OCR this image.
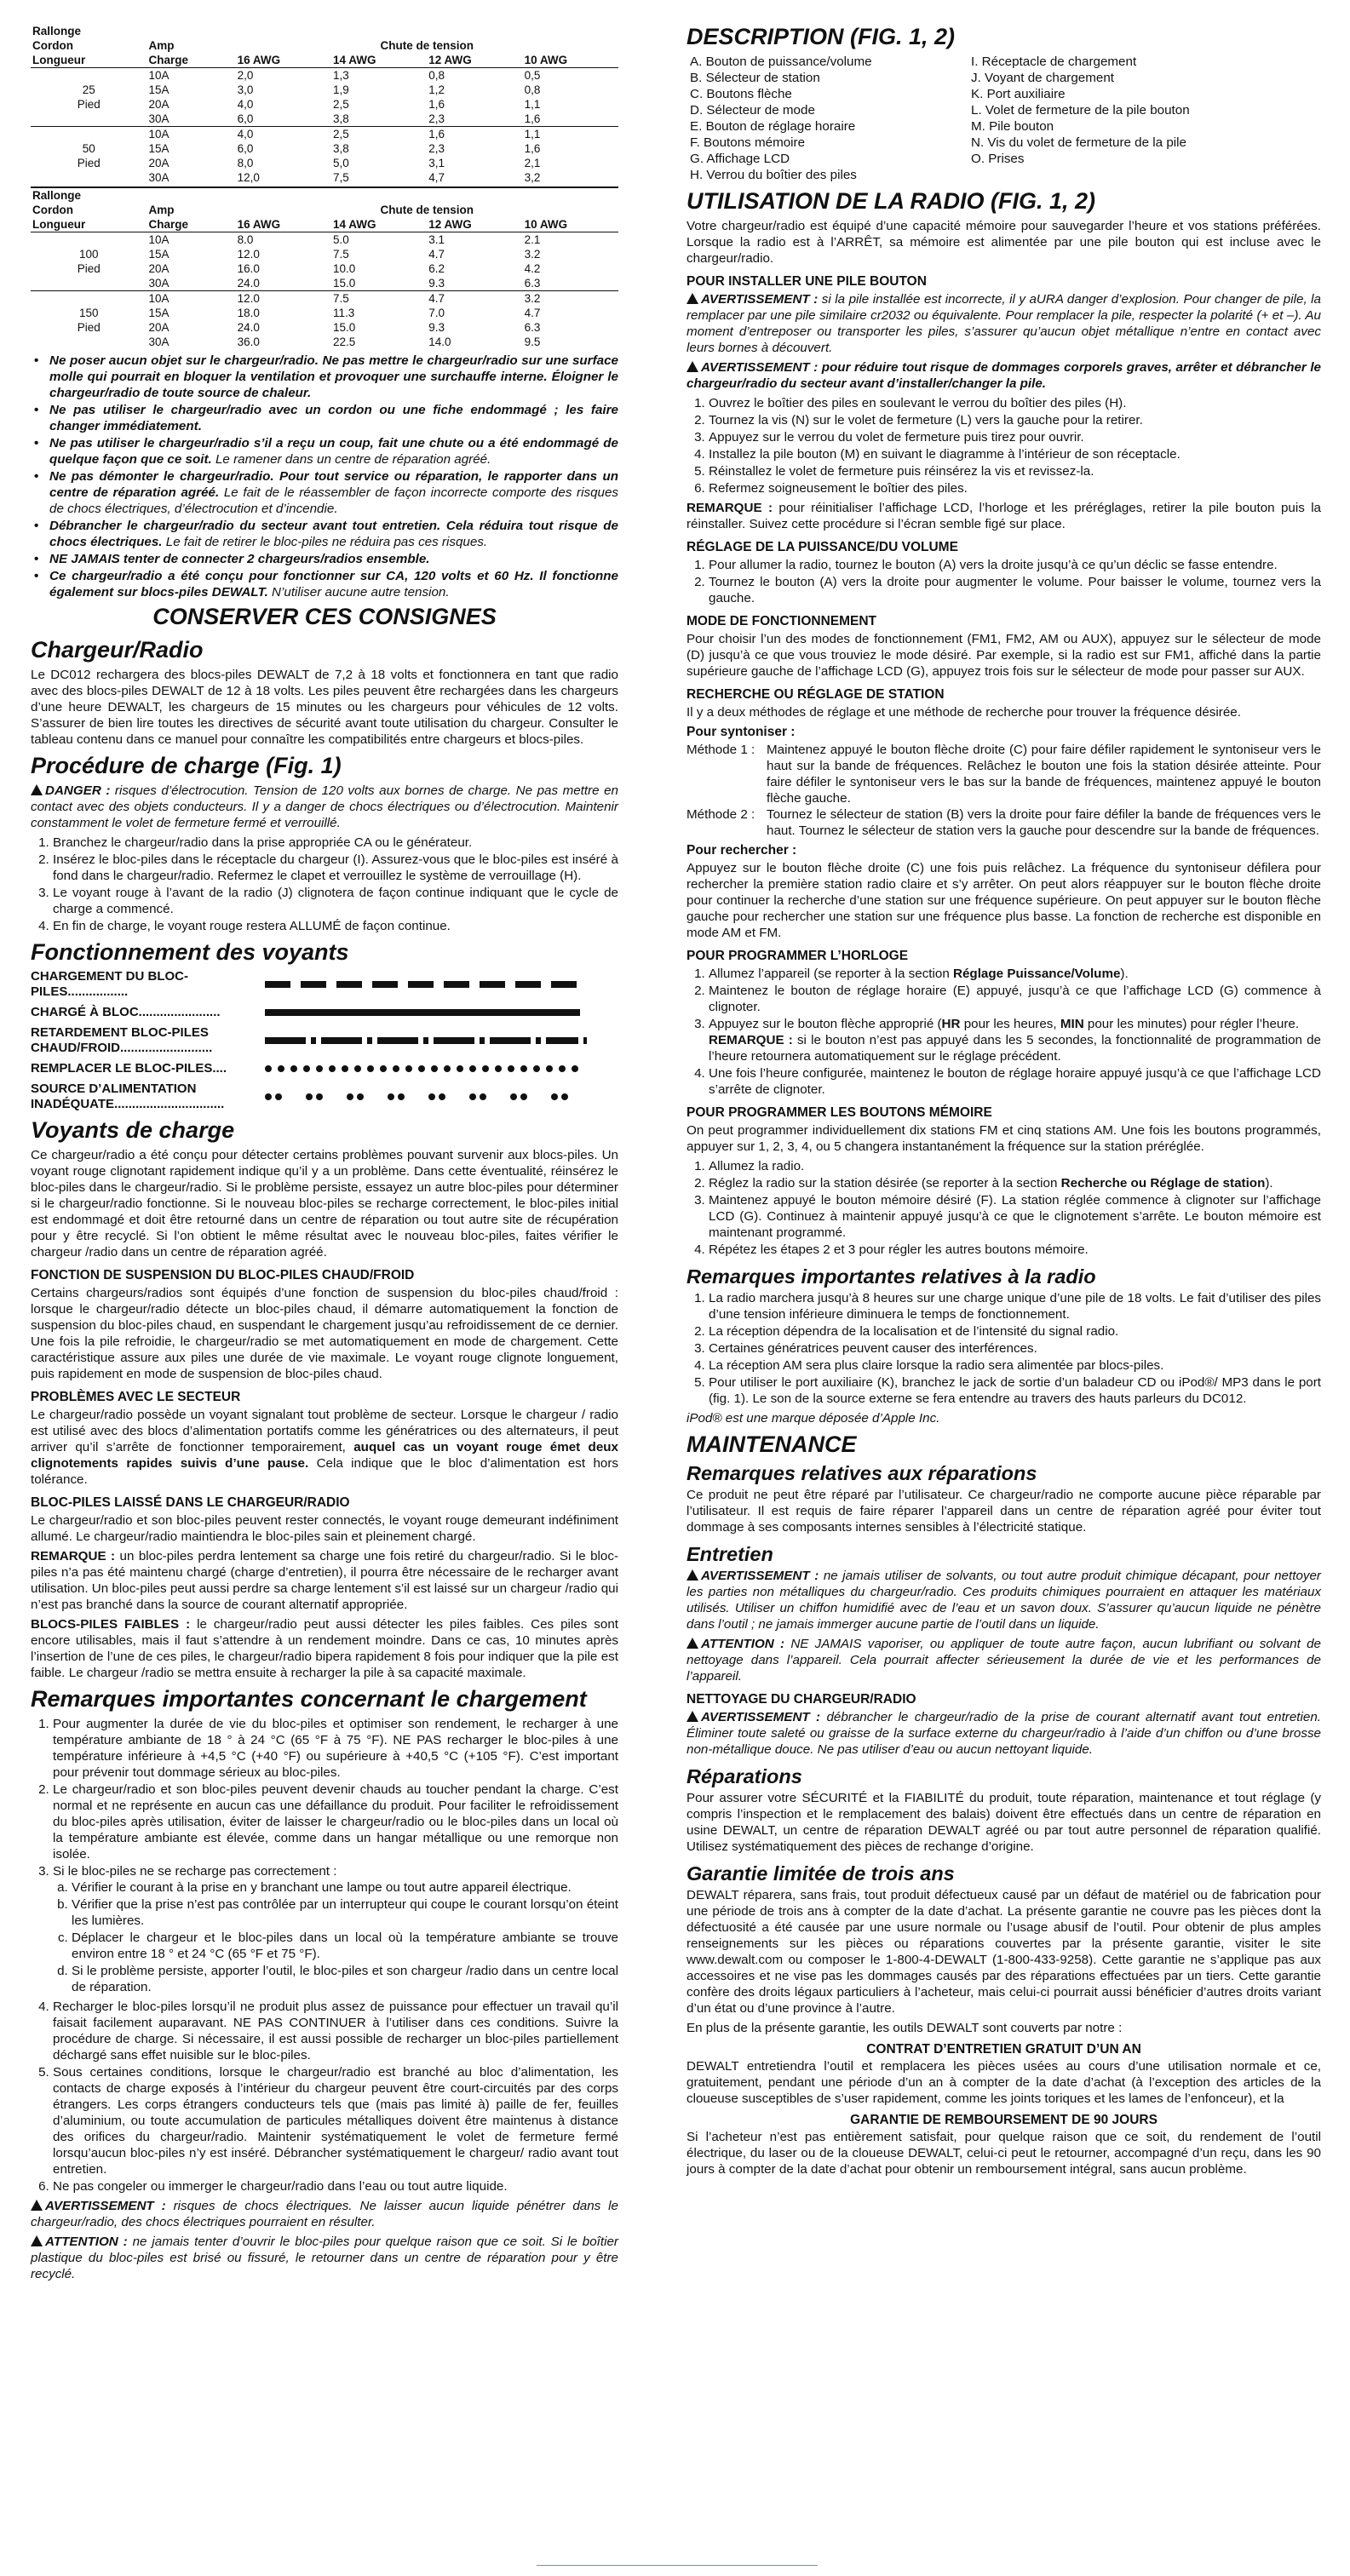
Rallonge					
Cordon	Amp	Chute de tension			
Longueur	Charge	16 AWG	14 AWG	12 AWG	10 AWG
	10A	2,0	1,3	0,8	0,5
25	15A	3,0	1,9	1,2	0,8
Pied	20A	4,0	2,5	1,6	1,1
	30A	6,0	3,8	2,3	1,6
	10A	4,0	2,5	1,6	1,1
50	15A	6,0	3,8	2,3	1,6
Pied	20A	8,0	5,0	3,1	2,1
	30A	12,0	7,5	4,7	3,2
Rallonge					
Cordon	Amp	Chute de tension			
Longueur	Charge	16 AWG	14 AWG	12 AWG	10 AWG
	10A	8.0	5.0	3.1	2.1
100	15A	12.0	7.5	4.7	3.2
Pied	20A	16.0	10.0	6.2	4.2
	30A	24.0	15.0	9.3	6.3
	10A	12.0	7.5	4.7	3.2
150	15A	18.0	11.3	7.0	4.7
Pied	20A	24.0	15.0	9.3	6.3
	30A	36.0	22.5	14.0	9.5
• Ne poser aucun objet sur le chargeur/radio. Ne pas mettre le chargeur/radio sur une surface molle qui pourrait en bloquer la ventilation et provoquer une surchauffe interne. Éloigner le chargeur/radio de toute source de chaleur.
• Ne pas utiliser le chargeur/radio avec un cordon ou une fiche endommagé ; les faire changer immédiatement.
• Ne pas utiliser le chargeur/radio s’il a reçu un coup, fait une chute ou a été endommagé de quelque façon que ce soit. Le ramener dans un centre de réparation agréé.
• Ne pas démonter le chargeur/radio. Pour tout service ou réparation, le rapporter dans un centre de réparation agréé. Le fait de le réassembler de façon incorrecte comporte des risques de chocs électriques, d’électrocution et d’incendie.
• Débrancher le chargeur/radio du secteur avant tout entretien. Cela réduira tout risque de chocs électriques. Le fait de retirer le bloc-piles ne réduira pas ces risques.
• NE JAMAIS tenter de connecter 2 chargeurs/radios ensemble.
• Ce chargeur/radio a été conçu pour fonctionner sur CA, 120 volts et 60 Hz. Il fonctionne également sur blocs-piles DEWALT. N’utiliser aucune autre tension.
CONSERVER CES CONSIGNES
Chargeur/Radio

Le DC012 rechargera des blocs-piles DEWALT de 7,2 à 18 volts et fonctionnera en tant que radio avec des blocs-piles DEWALT de 12 à 18 volts. Les piles peuvent être rechargées dans les chargeurs d’une heure DEWALT, les chargeurs de 15 minutes ou les chargeurs pour véhicules de 12 volts. S’assurer de bien lire toutes les directives de sécurité avant toute utilisation du chargeur. Consulter le tableau contenu dans ce manuel pour connaître les compatibilités entre chargeurs et blocs-piles.

Procédure de charge (Fig. 1)
DANGER : risques d’électrocution. Tension de 120 volts aux bornes de charge. Ne pas mettre en contact avec des objets conducteurs. Il y a danger de chocs électriques ou d’électrocution. Maintenir constamment le volet de fermeture fermé et verrouillé.
1. Branchez le chargeur/radio dans la prise appropriée CA ou le générateur.
2. Insérez le bloc-piles dans le réceptacle du chargeur (I). Assurez-vous que le bloc-piles est inséré à fond dans le chargeur/radio. Refermez le clapet et verrouillez le système de verrouillage (H).
3. Le voyant rouge à l’avant de la radio (J) clignotera de façon continue indiquant que le cycle de charge a commencé.
4. En fin de charge, le voyant rouge restera ALLUMÉ de façon continue.
Fonctionnement des voyants
CHARGEMENT DU BLOC-PILES.................
CHARGÉ À BLOC.......................
RETARDEMENT BLOC-PILES CHAUD/FROID..........................
REMPLACER LE BLOC-PILES....
SOURCE D’ALIMENTATION INADÉQUATE...............................
Voyants de charge

Ce chargeur/radio a été conçu pour détecter certains problèmes pouvant survenir aux blocs-piles. Un voyant rouge clignotant rapidement indique qu’il y a un problème. Dans cette éventualité, réinsérez le bloc-piles dans le chargeur/radio. Si le problème persiste, essayez un autre bloc-piles pour déterminer si le chargeur/radio fonctionne. Si le nouveau bloc-piles se recharge correctement, le bloc-piles initial est endommagé et doit être retourné dans un centre de réparation ou tout autre site de récupération pour y être recyclé. Si l’on obtient le même résultat avec le nouveau bloc-piles, faites vérifier le chargeur /radio dans un centre de réparation agréé.

FONCTION DE SUSPENSION DU BLOC-PILES CHAUD/FROID

Certains chargeurs/radios sont équipés d’une fonction de suspension du bloc-piles chaud/froid : lorsque le chargeur/radio détecte un bloc-piles chaud, il démarre automatiquement la fonction de suspension du bloc-piles chaud, en suspendant le chargement jusqu’au refroidissement de ce dernier. Une fois la pile refroidie, le chargeur/radio se met automatiquement en mode de chargement. Cette caractéristique assure aux piles une durée de vie maximale. Le voyant rouge clignote longuement, puis rapidement en mode de suspension de bloc-piles chaud.

PROBLÈMES AVEC LE SECTEUR

Le chargeur/radio possède un voyant signalant tout problème de secteur. Lorsque le chargeur / radio est utilisé avec des blocs d’alimentation portatifs comme les génératrices ou des alternateurs, il peut arriver qu’il s’arrête de fonctionner temporairement, auquel cas un voyant rouge émet deux clignotements rapides suivis d’une pause. Cela indique que le bloc d’alimentation est hors tolérance.

BLOC-PILES LAISSÉ DANS LE CHARGEUR/RADIO

Le chargeur/radio et son bloc-piles peuvent rester connectés, le voyant rouge demeurant indéfiniment allumé. Le chargeur/radio maintiendra le bloc-piles sain et pleinement chargé.

REMARQUE : un bloc-piles perdra lentement sa charge une fois retiré du chargeur/radio. Si le bloc-piles n’a pas été maintenu chargé (charge d’entretien), il pourra être nécessaire de le recharger avant utilisation. Un bloc-piles peut aussi perdre sa charge lentement s’il est laissé sur un chargeur /radio qui n’est pas branché dans la source de courant alternatif appropriée.

BLOCS-PILES FAIBLES : le chargeur/radio peut aussi détecter les piles faibles. Ces piles sont encore utilisables, mais il faut s’attendre à un rendement moindre. Dans ce cas, 10 minutes après l’insertion de l’une de ces piles, le chargeur/radio bipera rapidement 8 fois pour indiquer que la pile est faible. Le chargeur /radio se mettra ensuite à recharger la pile à sa capacité maximale.

Remarques importantes concernant le chargement
1. Pour augmenter la durée de vie du bloc-piles et optimiser son rendement, le recharger à une température ambiante de 18 ° à 24 °C (65 °F à 75 °F). NE PAS recharger le bloc-piles à une température inférieure à +4,5 °C (+40 °F) ou supérieure à +40,5 °C (+105 °F). C’est important pour prévenir tout dommage sérieux au bloc-piles.
2. Le chargeur/radio et son bloc-piles peuvent devenir chauds au toucher pendant la charge. C’est normal et ne représente en aucun cas une défaillance du produit. Pour faciliter le refroidissement du bloc-piles après utilisation, éviter de laisser le chargeur/radio ou le bloc-piles dans un local où la température ambiante est élevée, comme dans un hangar métallique ou une remorque non isolée.
3. Si le bloc-piles ne se recharge pas correctement :
a. Vérifier le courant à la prise en y branchant une lampe ou tout autre appareil électrique.
b. Vérifier que la prise n’est pas contrôlée par un interrupteur qui coupe le courant lorsqu’on éteint les lumières.
c. Déplacer le chargeur et le bloc-piles dans un local où la température ambiante se trouve environ entre 18 ° et 24 °C (65 °F et 75 °F).
d. Si le problème persiste, apporter l’outil, le bloc-piles et son chargeur /radio dans un centre local de réparation.
4. Recharger le bloc-piles lorsqu’il ne produit plus assez de puissance pour effectuer un travail qu’il faisait facilement auparavant. NE PAS CONTINUER à l’utiliser dans ces conditions. Suivre la procédure de charge. Si nécessaire, il est aussi possible de recharger un bloc-piles partiellement déchargé sans effet nuisible sur le bloc-piles.
5. Sous certaines conditions, lorsque le chargeur/radio est branché au bloc d’alimentation, les contacts de charge exposés à l’intérieur du chargeur peuvent être court-circuités par des corps étrangers. Les corps étrangers conducteurs tels que (mais pas limité à) paille de fer, feuilles d’aluminium, ou toute accumulation de particules métalliques doivent être maintenus à distance des orifices du chargeur/radio. Maintenir systématiquement le volet de fermeture fermé lorsqu’aucun bloc-piles n’y est inséré. Débrancher systématiquement le chargeur/ radio avant tout entretien.
6. Ne pas congeler ou immerger le chargeur/radio dans l’eau ou tout autre liquide.
AVERTISSEMENT : risques de chocs électriques. Ne laisser aucun liquide pénétrer dans le chargeur/radio, des chocs électriques pourraient en résulter.
ATTENTION : ne jamais tenter d’ouvrir le bloc-piles pour quelque raison que ce soit. Si le boîtier plastique du bloc-piles est brisé ou fissuré, le retourner dans un centre de réparation pour y être recyclé.
DESCRIPTION (FIG. 1, 2)
A. Bouton de puissance/volume	I. Réceptacle de chargement
B. Sélecteur de station	J. Voyant de chargement
C. Boutons flèche	K. Port auxiliaire
D. Sélecteur de mode	L. Volet de fermeture de la pile bouton
E. Bouton de réglage horaire	M. Pile bouton
F. Boutons mémoire	N. Vis du volet de fermeture de la pile
G. Affichage LCD	O. Prises
H. Verrou du boîtier des piles
UTILISATION DE LA RADIO (FIG. 1, 2)

Votre chargeur/radio est équipé d’une capacité mémoire pour sauvegarder l’heure et vos stations préférées. Lorsque la radio est à l’ARRÊT, sa mémoire est alimentée par une pile bouton qui est incluse avec le chargeur/radio.

POUR INSTALLER UNE PILE BOUTON
AVERTISSEMENT : si la pile installée est incorrecte, il y aURA danger d’explosion. Pour changer de pile, la remplacer par une pile similaire cr2032 ou équivalente. Pour remplacer la pile, respecter la polarité (+ et –). Au moment d’entreposer ou transporter les piles, s’assurer qu’aucun objet métallique n’entre en contact avec leurs bornes à découvert.
AVERTISSEMENT : pour réduire tout risque de dommages corporels graves, arrêter et débrancher le chargeur/radio du secteur avant d’installer/changer la pile.
1. Ouvrez le boîtier des piles en soulevant le verrou du boîtier des piles (H).
2. Tournez la vis (N) sur le volet de fermeture (L) vers la gauche pour la retirer.
3. Appuyez sur le verrou du volet de fermeture puis tirez pour ouvrir.
4. Installez la pile bouton (M) en suivant le diagramme à l’intérieur de son réceptacle.
5. Réinstallez le volet de fermeture puis réinsérez la vis et revissez-la.
6. Refermez soigneusement le boîtier des piles.

REMARQUE : pour réinitialiser l’affichage LCD, l’horloge et les préréglages, retirer la pile bouton puis la réinstaller. Suivez cette procédure si l’écran semble figé sur place.

RÉGLAGE DE LA PUISSANCE/DU VOLUME
1. Pour allumer la radio, tournez le bouton (A) vers la droite jusqu’à ce qu’un déclic se fasse entendre.
2. Tournez le bouton (A) vers la droite pour augmenter le volume. Pour baisser le volume, tournez vers la gauche.
MODE DE FONCTIONNEMENT

Pour choisir l’un des modes de fonctionnement (FM1, FM2, AM ou AUX), appuyez sur le sélecteur de mode (D) jusqu’à ce que vous trouviez le mode désiré. Par exemple, si la radio est sur FM1, affiché dans la partie supérieure gauche de l’affichage LCD (G), appuyez trois fois sur le sélecteur de mode pour passer sur AUX.

RECHERCHE OU RÉGLAGE DE STATION

Il y a deux méthodes de réglage et une méthode de recherche pour trouver la fréquence désirée.

Pour syntoniser :
Méthode 1 : Maintenez appuyé le bouton flèche droite (C) pour faire défiler rapidement le syntoniseur vers le haut sur la bande de fréquences. Relâchez le bouton une fois la station désirée atteinte. Pour faire défiler le syntoniseur vers le bas sur la bande de fréquences, maintenez appuyé le bouton flèche gauche.
Méthode 2 : Tournez le sélecteur de station (B) vers la droite pour faire défiler la bande de fréquences vers le haut. Tournez le sélecteur de station vers la gauche pour descendre sur la bande de fréquences.
Pour rechercher :

Appuyez sur le bouton flèche droite (C) une fois puis relâchez. La fréquence du syntoniseur défilera pour rechercher la première station radio claire et s’y arrêter. On peut alors réappuyer sur le bouton flèche droite pour continuer la recherche d’une station sur une fréquence supérieure. On peut appuyer sur le bouton flèche gauche pour rechercher une station sur une fréquence plus basse. La fonction de recherche est disponible en mode AM et FM.

POUR PROGRAMMER L’HORLOGE
1. Allumez l’appareil (se reporter à la section Réglage Puissance/Volume).
2. Maintenez le bouton de réglage horaire (E) appuyé, jusqu’à ce que l’affichage LCD (G) commence à clignoter.
3. Appuyez sur le bouton flèche approprié (HR pour les heures, MIN pour les minutes) pour régler l’heure.
REMARQUE : si le bouton n’est pas appuyé dans les 5 secondes, la fonctionnalité de programmation de l’heure retournera automatiquement sur le réglage précédent.
4. Une fois l’heure configurée, maintenez le bouton de réglage horaire appuyé jusqu’à ce que l’affichage LCD s’arrête de clignoter.
POUR PROGRAMMER LES BOUTONS MÉMOIRE

On peut programmer individuellement dix stations FM et cinq stations AM. Une fois les boutons programmés, appuyer sur 1, 2, 3, 4, ou 5 changera instantanément la fréquence sur la station préréglée.

1. Allumez la radio.
2. Réglez la radio sur la station désirée (se reporter à la section Recherche ou Réglage de station).
3. Maintenez appuyé le bouton mémoire désiré (F). La station réglée commence à clignoter sur l’affichage LCD (G). Continuez à maintenir appuyé jusqu’à ce que le clignotement s’arrête. Le bouton mémoire est maintenant programmé.
4. Répétez les étapes 2 et 3 pour régler les autres boutons mémoire.
Remarques importantes relatives à la radio
1. La radio marchera jusqu’à 8 heures sur une charge unique d’une pile de 18 volts. Le fait d’utiliser des piles d’une tension inférieure diminuera le temps de fonctionnement.
2. La réception dépendra de la localisation et de l’intensité du signal radio.
3. Certaines génératrices peuvent causer des interférences.
4. La réception AM sera plus claire lorsque la radio sera alimentée par blocs-piles.
5. Pour utiliser le port auxiliaire (K), branchez le jack de sortie d’un baladeur CD ou iPod®/ MP3 dans le port (fig. 1). Le son de la source externe se fera entendre au travers des hauts parleurs du DC012.

iPod® est une marque déposée d’Apple Inc.

MAINTENANCE
Remarques relatives aux réparations

Ce produit ne peut être réparé par l’utilisateur. Ce chargeur/radio ne comporte aucune pièce réparable par l’utilisateur. Il est requis de faire réparer l’appareil dans un centre de réparation agréé pour éviter tout dommage à ses composants internes sensibles à l’électricité statique.

Entretien
AVERTISSEMENT : ne jamais utiliser de solvants, ou tout autre produit chimique décapant, pour nettoyer les parties non métalliques du chargeur/radio. Ces produits chimiques pourraient en attaquer les matériaux utilisés. Utiliser un chiffon humidifié avec de l’eau et un savon doux. S’assurer qu’aucun liquide ne pénètre dans l’outil ; ne jamais immerger aucune partie de l’outil dans un liquide.
ATTENTION : NE JAMAIS vaporiser, ou appliquer de toute autre façon, aucun lubrifiant ou solvant de nettoyage dans l’appareil. Cela pourrait affecter sérieusement la durée de vie et les performances de l’appareil.
NETTOYAGE DU CHARGEUR/RADIO
AVERTISSEMENT : débrancher le chargeur/radio de la prise de courant alternatif avant tout entretien. Éliminer toute saleté ou graisse de la surface externe du chargeur/radio à l’aide d’un chiffon ou d’une brosse non-métallique douce. Ne pas utiliser d’eau ou aucun nettoyant liquide.
Réparations

Pour assurer votre SÉCURITÉ et la FIABILITÉ du produit, toute réparation, maintenance et tout réglage (y compris l’inspection et le remplacement des balais) doivent être effectués dans un centre de réparation en usine DEWALT, un centre de réparation DEWALT agréé ou par tout autre personnel de réparation qualifié. Utilisez systématiquement des pièces de rechange d’origine.

Garantie limitée de trois ans

DEWALT réparera, sans frais, tout produit défectueux causé par un défaut de matériel ou de fabrication pour une période de trois ans à compter de la date d’achat. La présente garantie ne couvre pas les pièces dont la défectuosité a été causée par une usure normale ou l’usage abusif de l’outil. Pour obtenir de plus amples renseignements sur les pièces ou réparations couvertes par la présente garantie, visiter le site www.dewalt.com ou composer le 1-800-4-DEWALT (1-800-433-9258). Cette garantie ne s’applique pas aux accessoires et ne vise pas les dommages causés par des réparations effectuées par un tiers. Cette garantie confère des droits légaux particuliers à l’acheteur, mais celui-ci pourrait aussi bénéficier d’autres droits variant d’un état ou d’une province à l’autre.

En plus de la présente garantie, les outils DEWALT sont couverts par notre :

CONTRAT D’ENTRETIEN GRATUIT D’UN AN

DEWALT entretiendra l’outil et remplacera les pièces usées au cours d’une utilisation normale et ce, gratuitement, pendant une période d’un an à compter de la date d’achat (à l’exception des articles de la cloueuse susceptibles de s’user rapidement, comme les joints toriques et les lames de l’enfonceur), et la

GARANTIE DE REMBOURSEMENT DE 90 JOURS

Si l’acheteur n’est pas entièrement satisfait, pour quelque raison que ce soit, du rendement de l’outil électrique, du laser ou de la cloueuse DEWALT, celui-ci peut le retourner, accompagné d’un reçu, dans les 90 jours à compter de la date d’achat pour obtenir un remboursement intégral, sans aucun problème.
